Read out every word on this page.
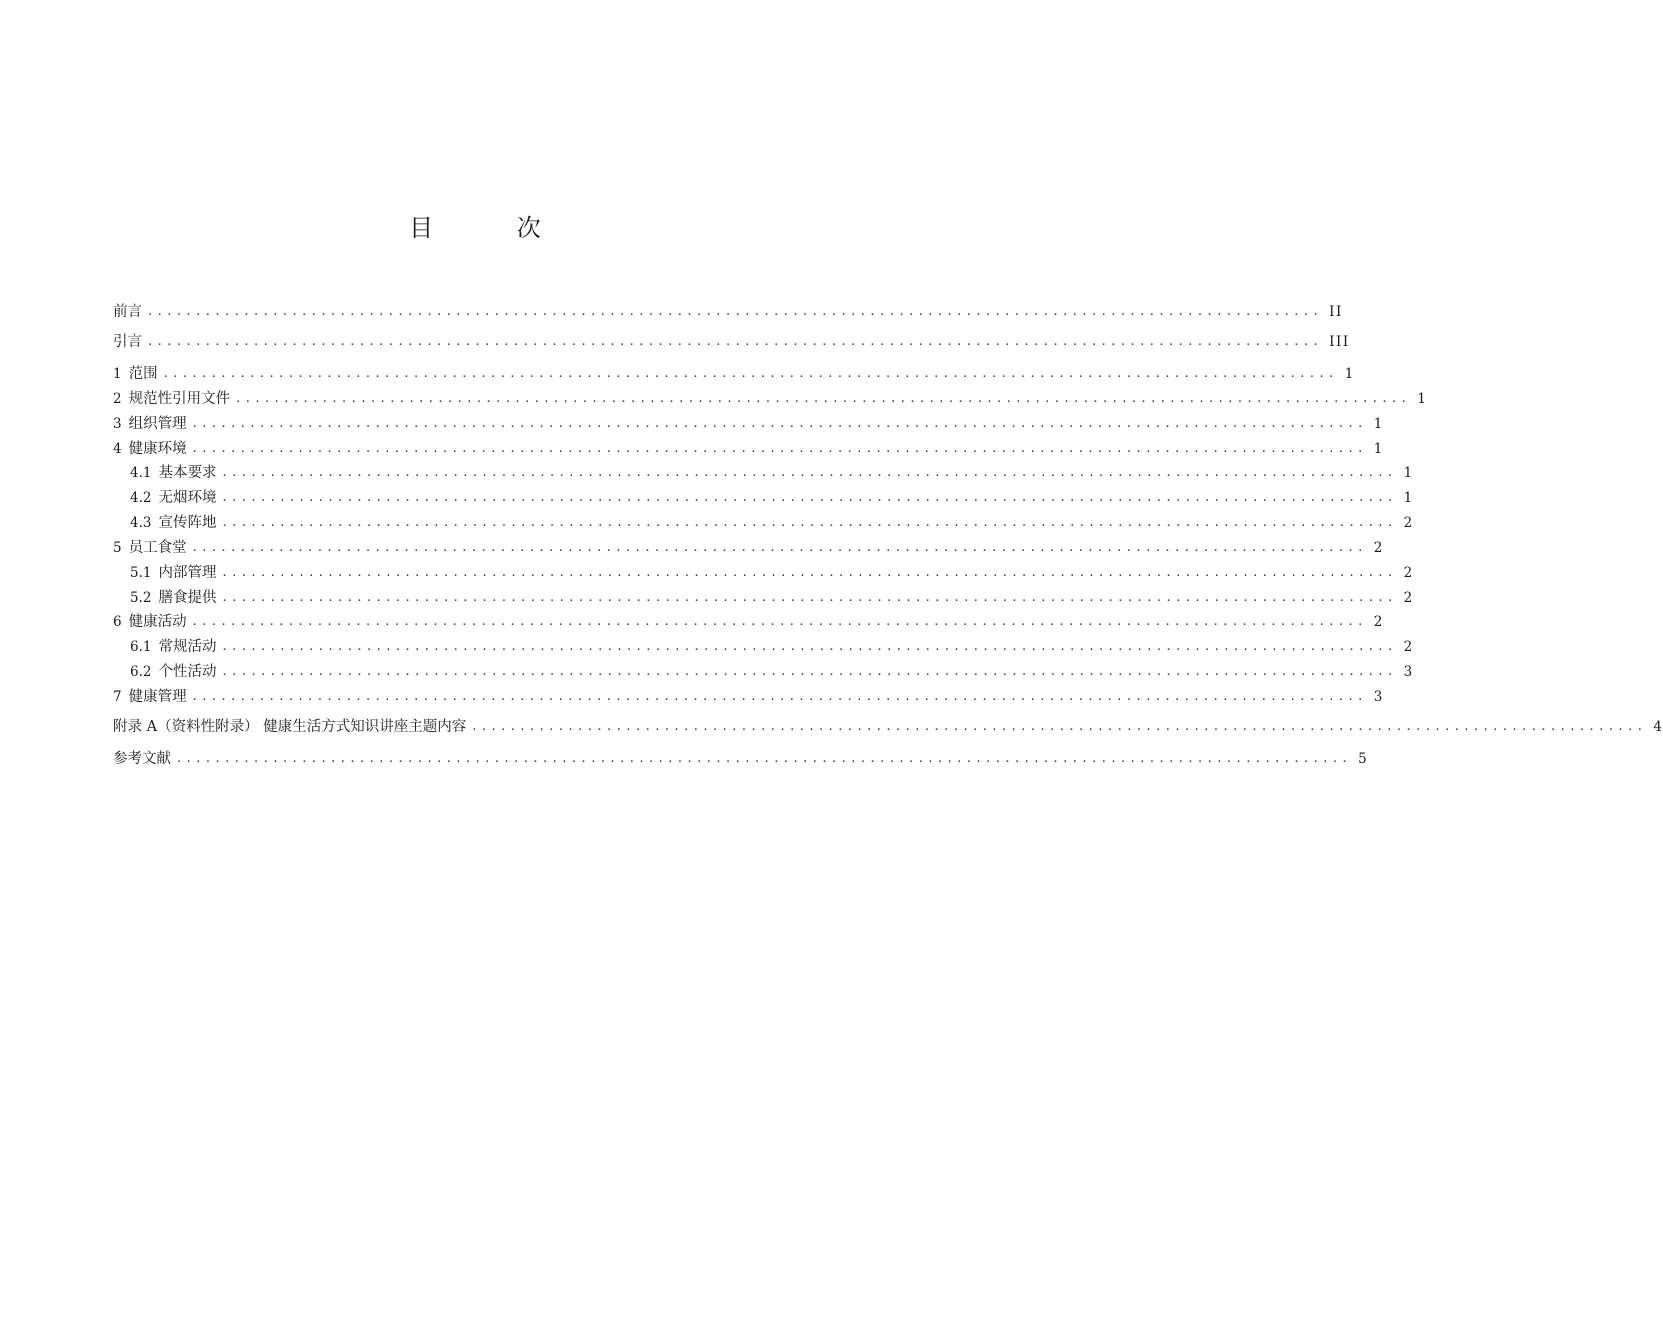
目 次
前言 .......................................................................................................................... II
引言 .......................................................................................................................... III
1 范围 .......................................................................................................................... 1
2 规范性引用文件 .......................................................................................................................... 1
3 组织管理 .......................................................................................................................... 1
4 健康环境 .......................................................................................................................... 1
4.1 基本要求 .......................................................................................................................... 1
4.2 无烟环境 .......................................................................................................................... 1
4.3 宣传阵地 .......................................................................................................................... 2
5 员工食堂 .......................................................................................................................... 2
5.1 内部管理 .......................................................................................................................... 2
5.2 膳食提供 .......................................................................................................................... 2
6 健康活动 .......................................................................................................................... 2
6.1 常规活动 .......................................................................................................................... 2
6.2 个性活动 .......................................................................................................................... 3
7 健康管理 .......................................................................................................................... 3
附录 A（资料性附录） 健康生活方式知识讲座主题内容 .......................................................................................................................... 4
参考文献 .......................................................................................................................... 5
